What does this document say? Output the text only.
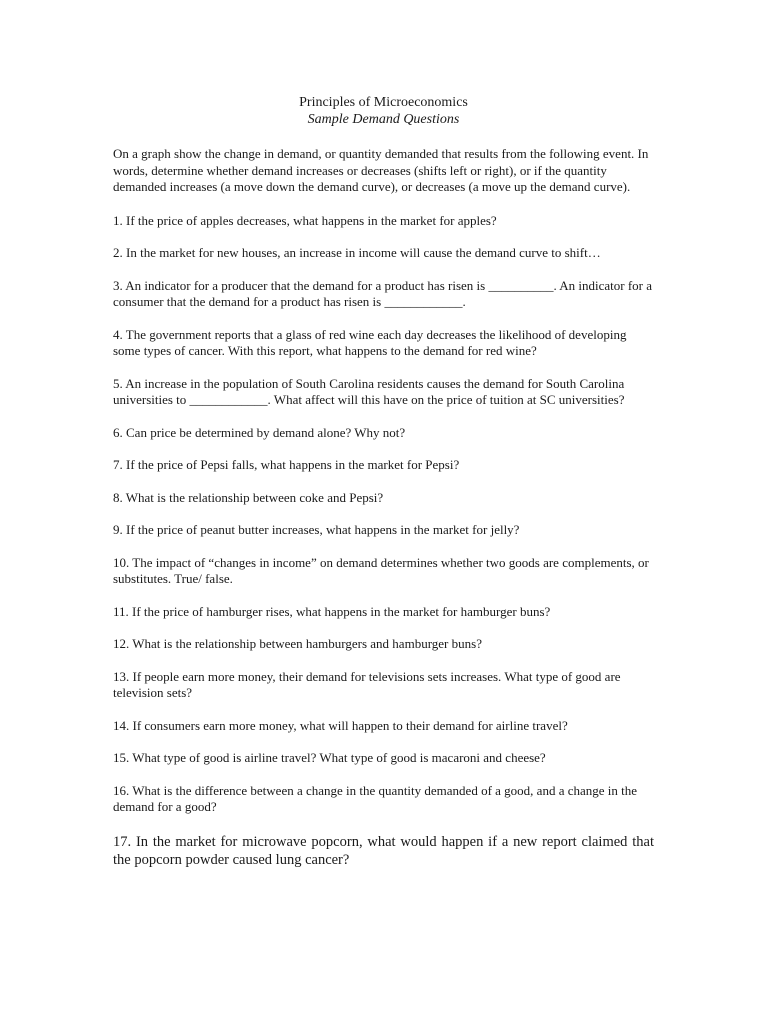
Principles of Microeconomics

Sample Demand Questions

On a graph show the change in demand, or quantity demanded that results from the following event. In words, determine whether demand increases or decreases (shifts left or right), or if the quantity demanded increases (a move down the demand curve), or decreases (a move up the demand curve).

1. If the price of apples decreases, what happens in the market for apples?

2. In the market for new houses, an increase in income will cause the demand curve to shift…

3. An indicator for a producer that the demand for a product has risen is __________. An indicator for a consumer that the demand for a product has risen is ____________.

4. The government reports that a glass of red wine each day decreases the likelihood of developing some types of cancer. With this report, what happens to the demand for red wine?

5. An increase in the population of South Carolina residents causes the demand for South Carolina universities to ____________. What affect will this have on the price of tuition at SC universities?

6. Can price be determined by demand alone? Why not?

7. If the price of Pepsi falls, what happens in the market for Pepsi?

8. What is the relationship between coke and Pepsi?

9. If the price of peanut butter increases, what happens in the market for jelly?

10. The impact of “changes in income” on demand determines whether two goods are complements, or substitutes. True/ false.

11. If the price of hamburger rises, what happens in the market for hamburger buns?

12. What is the relationship between hamburgers and hamburger buns?

13. If people earn more money, their demand for televisions sets increases. What type of good are television sets?

14. If consumers earn more money, what will happen to their demand for airline travel?

15. What type of good is airline travel? What type of good is macaroni and cheese?

16. What is the difference between a change in the quantity demanded of a good, and a change in the demand for a good?

17. In the market for microwave popcorn, what would happen if a new report claimed that the popcorn powder caused lung cancer?
